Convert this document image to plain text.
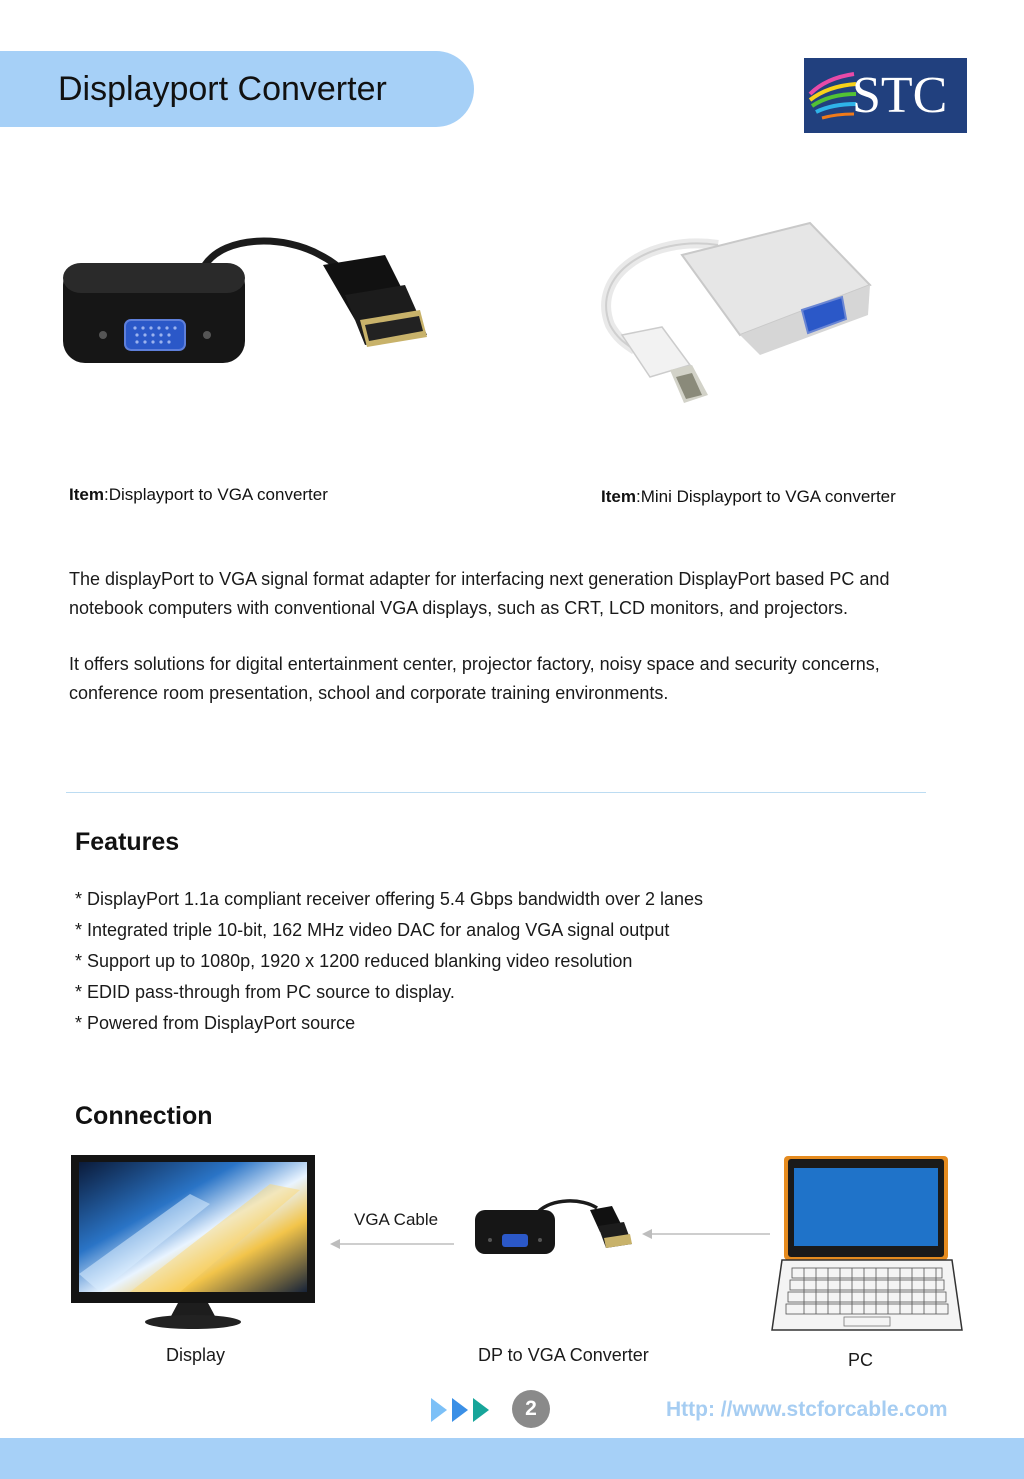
Displayport Converter	STC
Item:Displayport to VGA converter	Item:Mini Displayport to VGA converter
The displayPort to VGA signal format adapter for interfacing next generation DisplayPort based PC and notebook computers with conventional VGA displays, such as CRT, LCD monitors, and projectors.
It offers solutions for digital entertainment center, projector factory, noisy space and security concerns, conference room presentation, school and corporate training environments.
Features
* DisplayPort 1.1a compliant receiver offering 5.4 Gbps bandwidth over 2 lanes
* Integrated triple 10-bit, 162 MHz video DAC for analog VGA signal output
* Support up to 1080p, 1920 x 1200 reduced blanking video resolution
* EDID pass-through from PC source to display.
* Powered from DisplayPort source
Connection
VGA Cable
Display	DP to VGA Converter	PC
2	Http: //www.stcforcable.com
